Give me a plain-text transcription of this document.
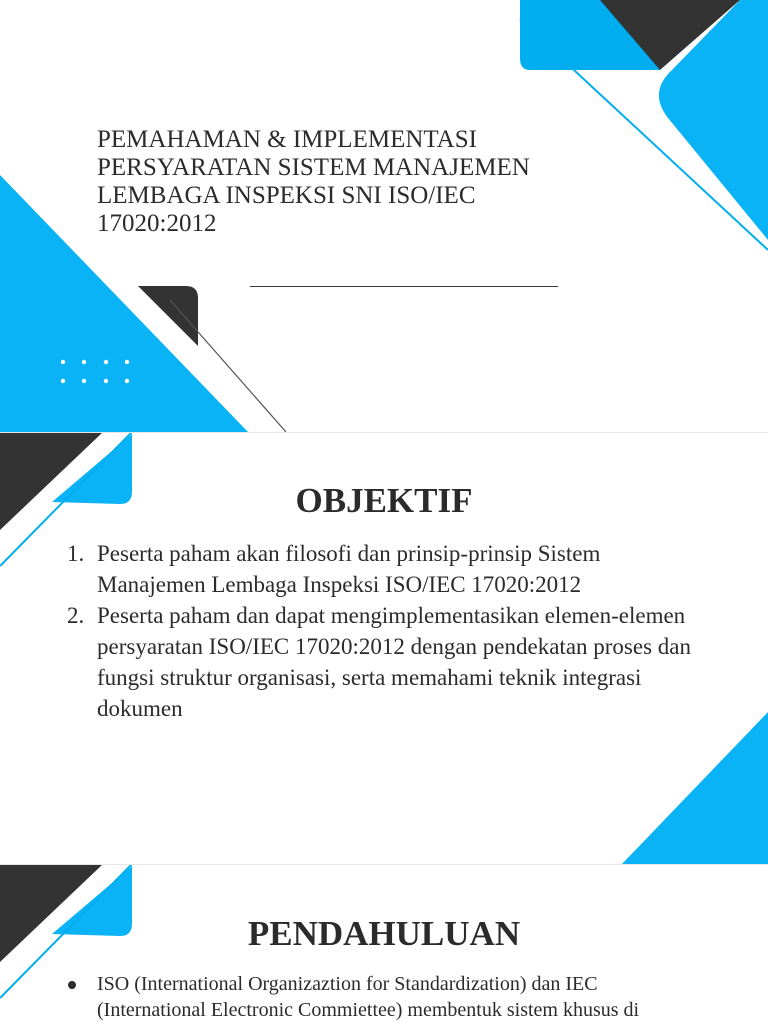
PEMAHAMAN & IMPLEMENTASI PERSYARATAN SISTEM MANAJEMEN LEMBAGA INSPEKSI SNI ISO/IEC 17020:2012
OBJEKTIF
1. Peserta paham akan filosofi dan prinsip-prinsip Sistem Manajemen Lembaga Inspeksi ISO/IEC 17020:2012
2. Peserta paham dan dapat mengimplementasikan elemen-elemen persyaratan ISO/IEC 17020:2012 dengan pendekatan proses dan fungsi struktur organisasi, serta memahami teknik integrasi dokumen
PENDAHULUAN
ISO (International Organizaztion for Standardization) dan IEC (International Electronic Commiettee) membentuk sistem khusus di
